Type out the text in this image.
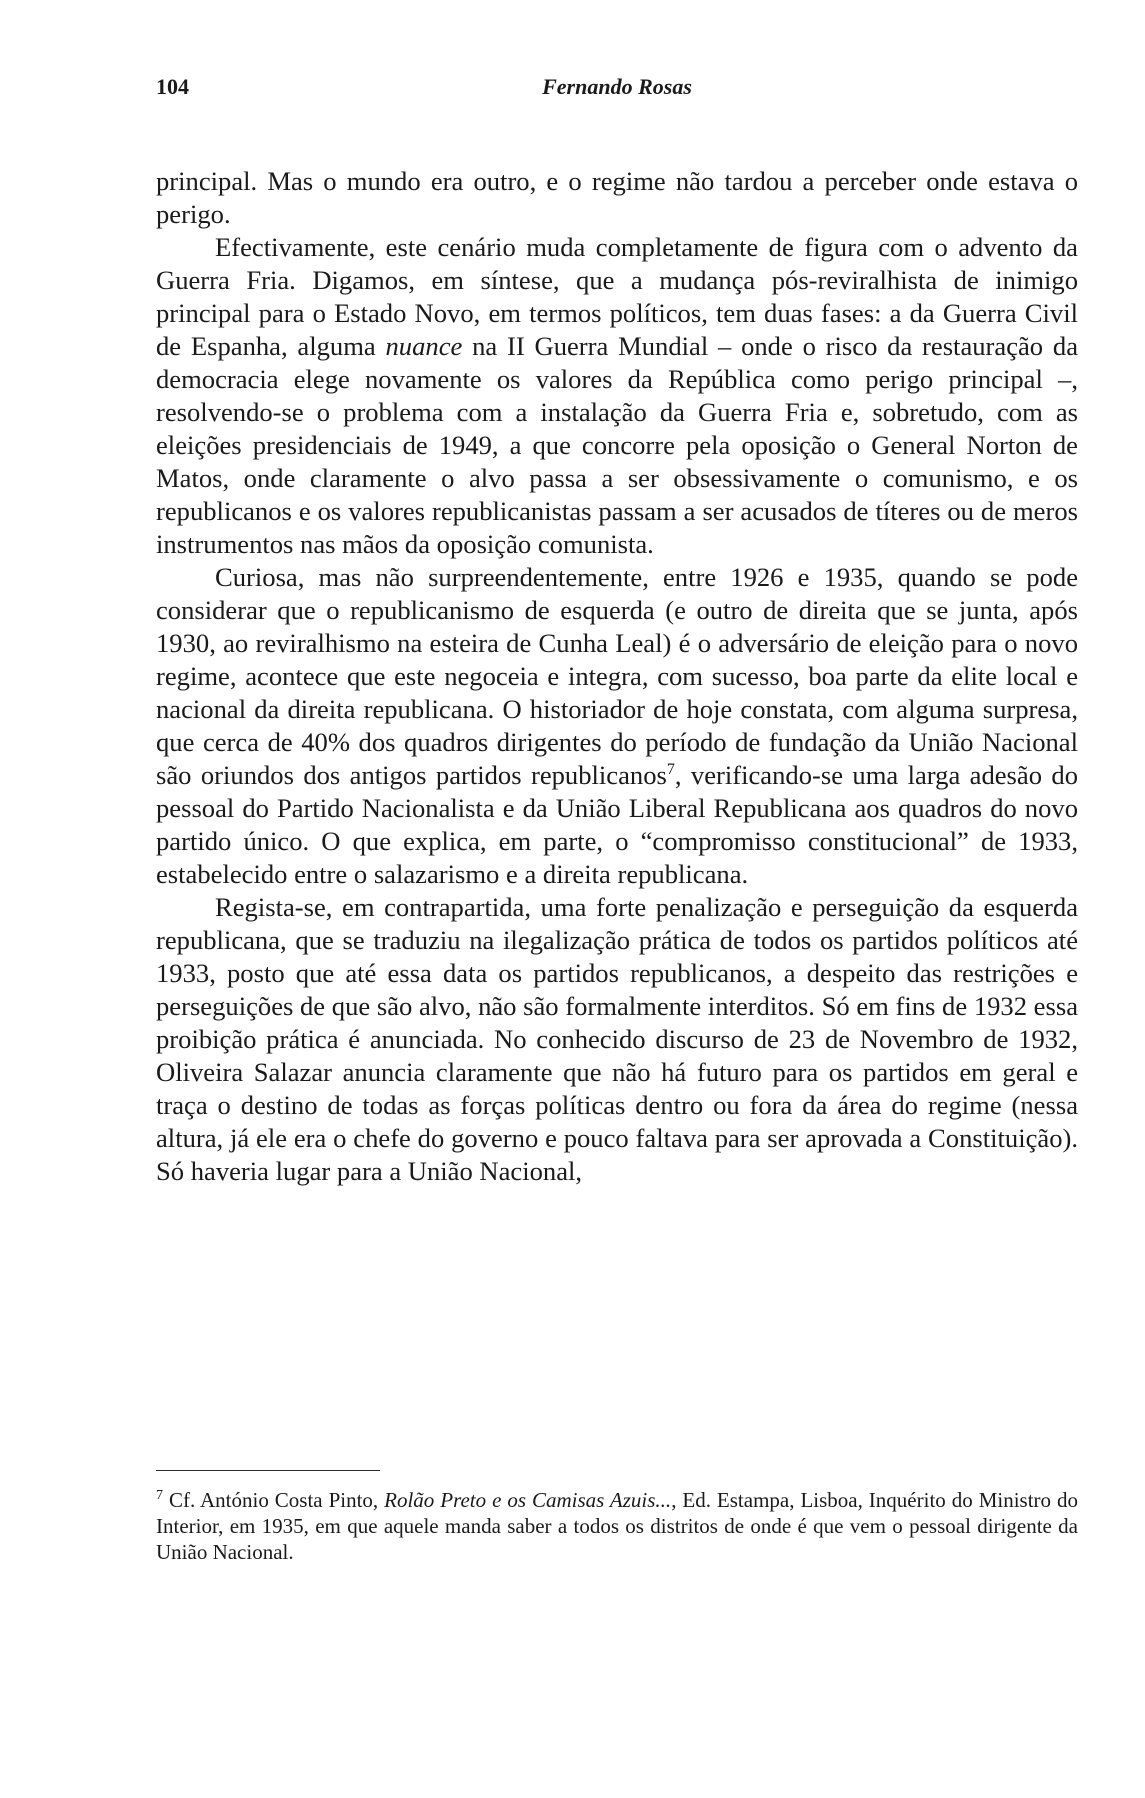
104	Fernando Rosas

principal. Mas o mundo era outro, e o regime não tardou a perceber onde estava o perigo.

Efectivamente, este cenário muda completamente de figura com o advento da Guerra Fria. Digamos, em síntese, que a mudança pós-reviralhista de inimigo principal para o Estado Novo, em termos políticos, tem duas fases: a da Guerra Civil de Espanha, alguma nuance na II Guerra Mundial – onde o risco da restauração da democracia elege novamente os valores da República como perigo principal –, resolvendo-se o problema com a instalação da Guerra Fria e, sobretudo, com as eleições presidenciais de 1949, a que concorre pela oposição o General Norton de Matos, onde claramente o alvo passa a ser obsessivamente o comunismo, e os republicanos e os valores republicanistas passam a ser acusados de títeres ou de meros instrumentos nas mãos da oposição comunista.

Curiosa, mas não surpreendentemente, entre 1926 e 1935, quando se pode considerar que o republicanismo de esquerda (e outro de direita que se junta, após 1930, ao reviralhismo na esteira de Cunha Leal) é o adversário de eleição para o novo regime, acontece que este negoceia e integra, com sucesso, boa parte da elite local e nacional da direita republicana. O historiador de hoje constata, com alguma surpresa, que cerca de 40% dos quadros dirigentes do período de fundação da União Nacional são oriundos dos antigos partidos republicanos$^7$, verificando-se uma larga adesão do pessoal do Partido Nacionalista e da União Liberal Republicana aos quadros do novo partido único. O que explica, em parte, o “compromisso constitucional” de 1933, estabelecido entre o salazarismo e a direita republicana.

Regista-se, em contrapartida, uma forte penalização e perseguição da esquerda republicana, que se traduziu na ilegalização prática de todos os partidos políticos até 1933, posto que até essa data os partidos republicanos, a despeito das restrições e perseguições de que são alvo, não são formalmente interditos. Só em fins de 1932 essa proibição prática é anunciada. No conhecido discurso de 23 de Novembro de 1932, Oliveira Salazar anuncia claramente que não há futuro para os partidos em geral e traça o destino de todas as forças políticas dentro ou fora da área do regime (nessa altura, já ele era o chefe do governo e pouco faltava para ser aprovada a Constituição). Só haveria lugar para a União Nacional,

$^7$ Cf. António Costa Pinto, Rolão Preto e os Camisas Azuis..., Ed. Estampa, Lisboa, Inquérito do Ministro do Interior, em 1935, em que aquele manda saber a todos os distritos de onde é que vem o pessoal dirigente da União Nacional.
